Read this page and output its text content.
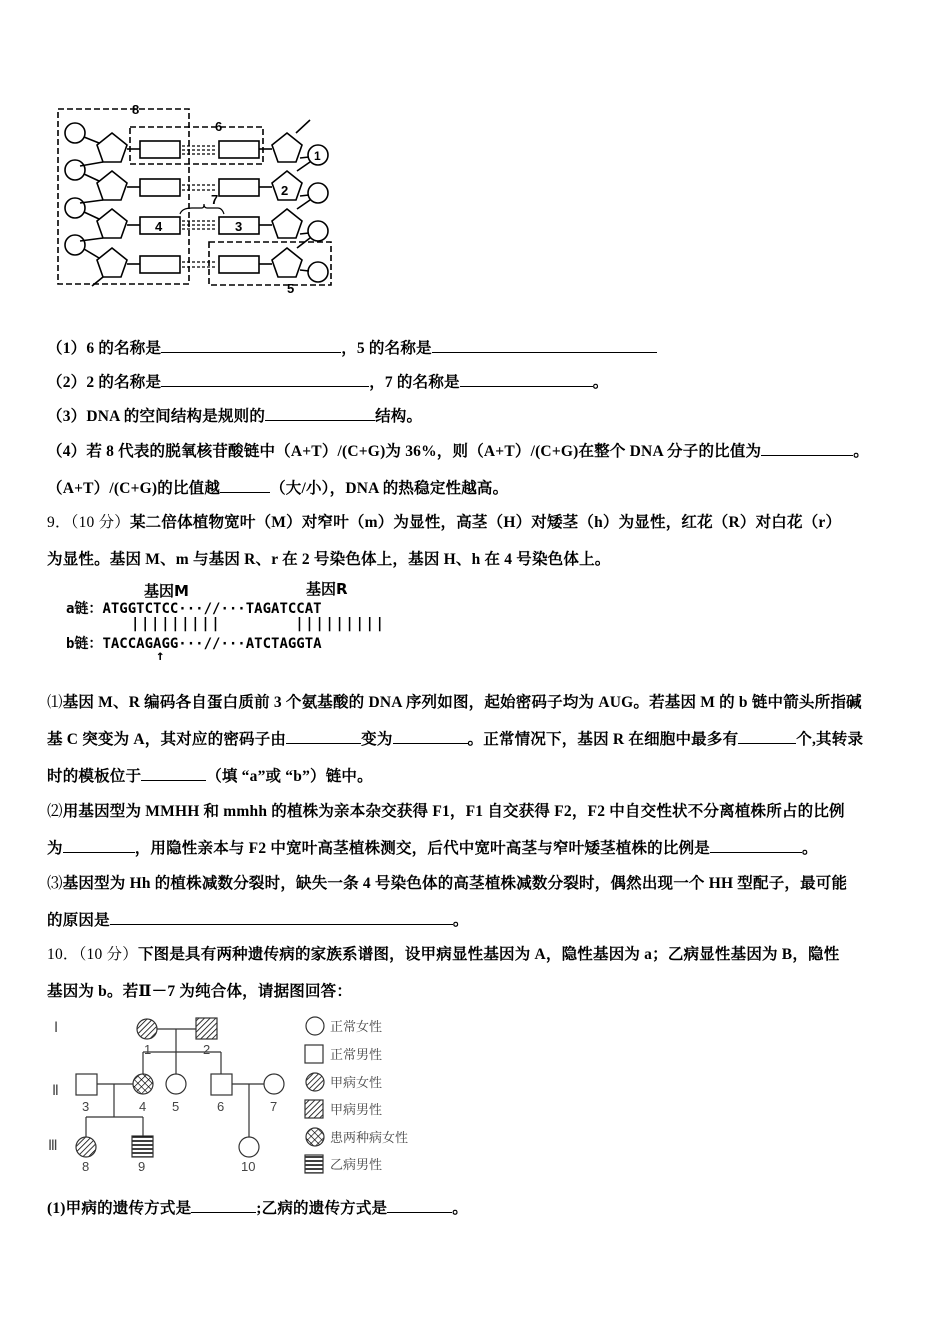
8
6
1
2
7
4	3
5
（1）6 的名称是	，5 的名称是
（2）2 的名称是	，7 的名称是	。
（3）DNA 的空间结构是规则的	结构。
（4）若 8 代表的脱氧核苷酸链中（A+T）/(C+G)为 36%，则（A+T）/(C+G)在整个 DNA 分子的比值为	。
（A+T）/(C+G)的比值越	（大/小），DNA 的热稳定性越高。
9．（10 分）某二倍体植物宽叶（M）对窄叶（m）为显性，高茎（H）对矮茎（h）为显性，红花（R）对白花（r）
为显性。基因 M、m 与基因 R、r 在 2 号染色体上，基因 H、h 在 4 号染色体上。
基因M	基因R
a链：ATGGTCTCC···//···TAGATCCAT
|||||||||	|||||||||
b链：TACCAGAGG···//···ATCTAGGTA
↑
⑴基因 M、R 编码各自蛋白质前 3 个氨基酸的 DNA 序列如图，起始密码子均为 AUG。若基因 M 的 b 链中箭头所指碱
基 C 突变为 A，其对应的密码子由	变为	。正常情况下，基因 R 在细胞中最多有	个,其转录
时的模板位于	（填 “a”或 “b”）链中。
⑵用基因型为 MMHH 和 mmhh 的植株为亲本杂交获得 F1，F1 自交获得 F2，F2 中自交性状不分离植株所占的比例
为	，用隐性亲本与 F2 中宽叶高茎植株测交，后代中宽叶高茎与窄叶矮茎植株的比例是	。
⑶基因型为 Hh 的植株减数分裂时，缺失一条 4 号染色体的高茎植株减数分裂时，偶然出现一个 HH 型配子，最可能
的原因是	。
10．（10 分）下图是具有两种遗传病的家族系谱图，设甲病显性基因为 A，隐性基因为 a；乙病显性基因为 B，隐性
基因为 b。若Ⅱ－7 为纯合体，请据图回答：
Ⅰ
Ⅱ
Ⅲ
1	2
3	4 5	6	7
8	9	10
正常女性
正常男性
甲病女性
甲病男性
患两种病女性
乙病男性
(1)甲病的遗传方式是	;乙病的遗传方式是	。
